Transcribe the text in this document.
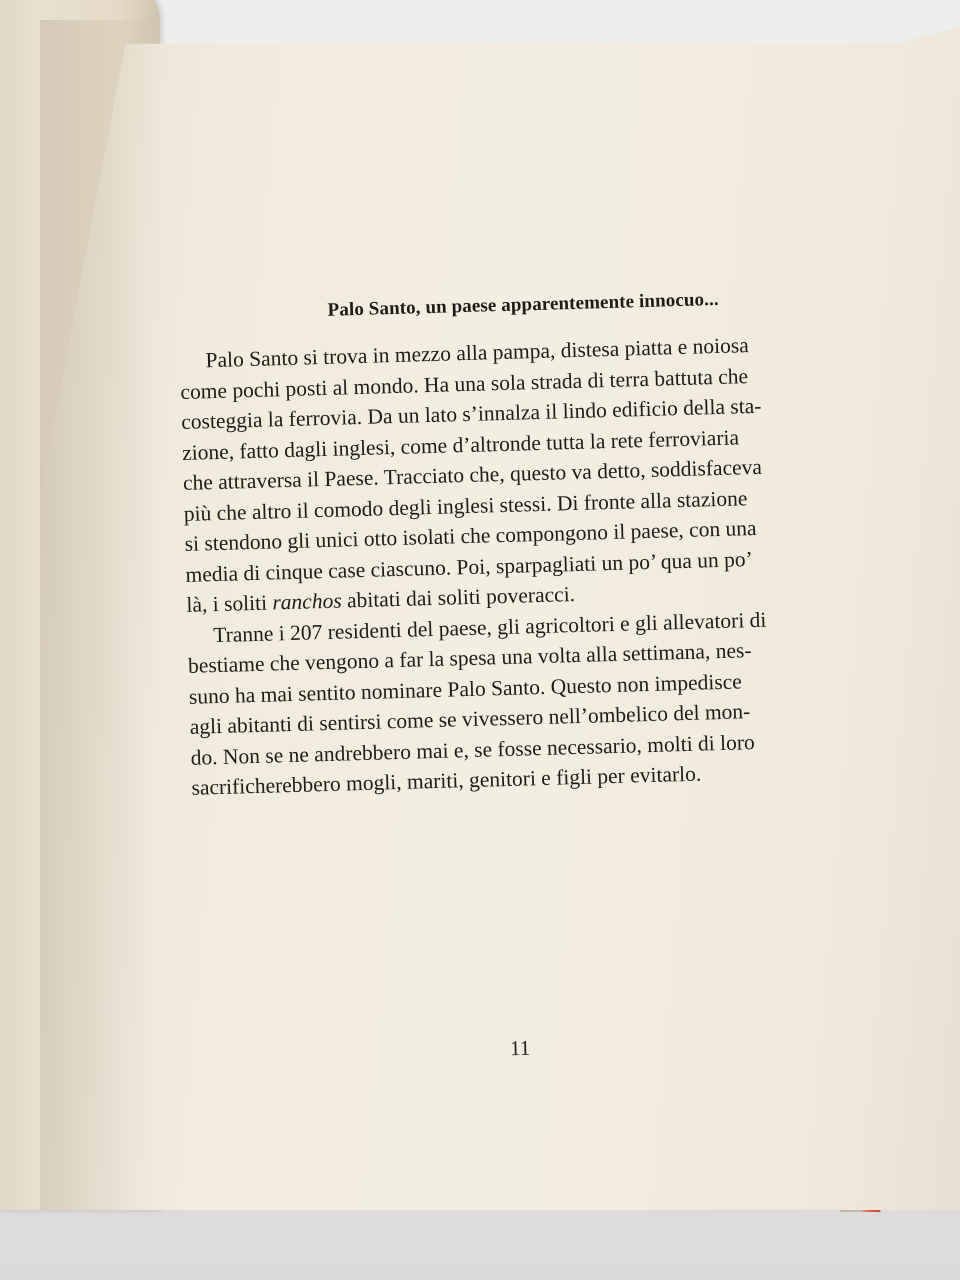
Palo Santo, un paese apparentemente innocuo...

Palo Santo si trova in mezzo alla pampa, distesa piatta e noiosa
come pochi posti al mondo. Ha una sola strada di terra battuta che
costeggia la ferrovia. Da un lato s’innalza il lindo edificio della sta-
zione, fatto dagli inglesi, come d’altronde tutta la rete ferroviaria
che attraversa il Paese. Tracciato che, questo va detto, soddisfaceva
più che altro il comodo degli inglesi stessi. Di fronte alla stazione
si stendono gli unici otto isolati che compongono il paese, con una
media di cinque case ciascuno. Poi, sparpagliati un po’ qua un po’
là, i soliti ranchos abitati dai soliti poveracci.

Tranne i 207 residenti del paese, gli agricoltori e gli allevatori di
bestiame che vengono a far la spesa una volta alla settimana, nes-
suno ha mai sentito nominare Palo Santo. Questo non impedisce
agli abitanti di sentirsi come se vivessero nell’ombelico del mon-
do. Non se ne andrebbero mai e, se fosse necessario, molti di loro
sacrificherebbero mogli, mariti, genitori e figli per evitarlo.

11
